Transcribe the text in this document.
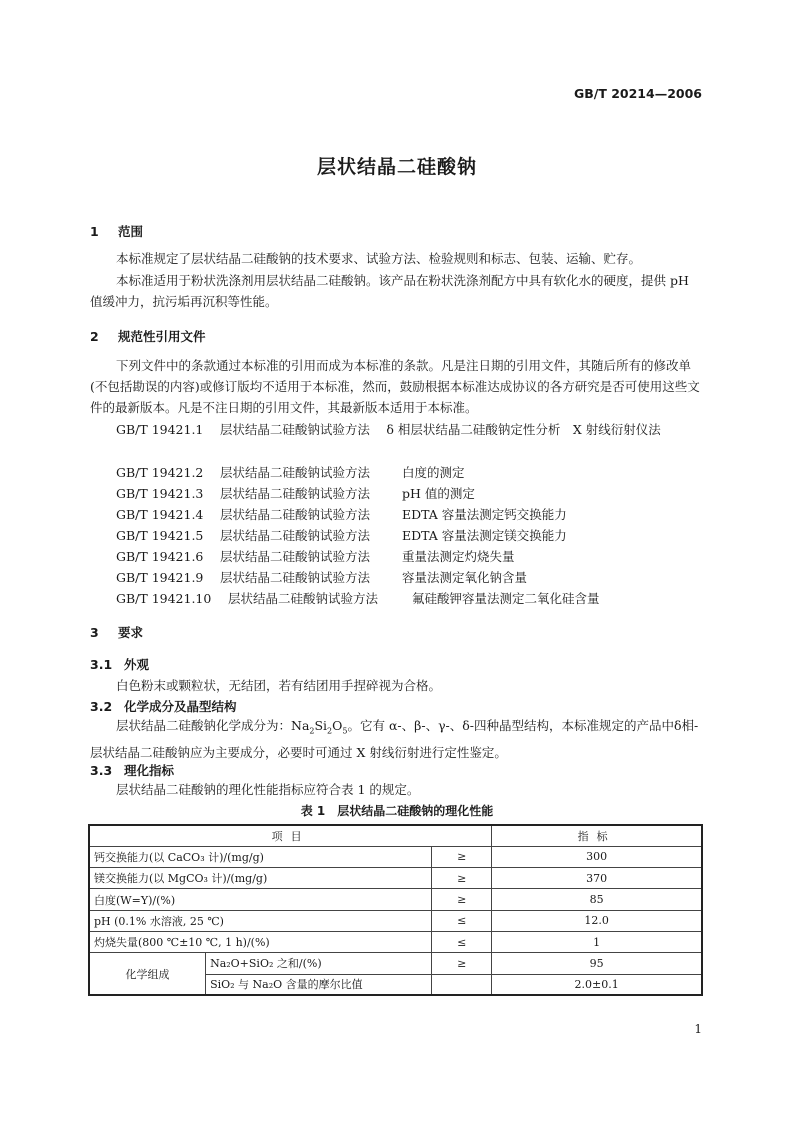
GB/T 20214—2006
层状结晶二硅酸钠
1 范围
本标准规定了层状结晶二硅酸钠的技术要求、试验方法、检验规则和标志、包装、运输、贮存。
本标准适用于粉状洗涤剂用层状结晶二硅酸钠。该产品在粉状洗涤剂配方中具有软化水的硬度，提供 pH 值缓冲力，抗污垢再沉积等性能。
2 规范性引用文件
下列文件中的条款通过本标准的引用而成为本标准的条款。凡是注日期的引用文件，其随后所有的修改单(不包括勘误的内容)或修订版均不适用于本标准，然而，鼓励根据本标准达成协议的各方研究是否可使用这些文件的最新版本。凡是不注日期的引用文件，其最新版本适用于本标准。
GB/T 19421.1　 层状结晶二硅酸钠试验方法　 δ 相层状结晶二硅酸钠定性分析　X 射线衍射仪法
GB/T 19421.2 层状结晶二硅酸钠试验方法	白度的测定
GB/T 19421.3 层状结晶二硅酸钠试验方法	pH 值的测定
GB/T 19421.4 层状结晶二硅酸钠试验方法	EDTA 容量法测定钙交换能力
GB/T 19421.5 层状结晶二硅酸钠试验方法	EDTA 容量法测定镁交换能力
GB/T 19421.6 层状结晶二硅酸钠试验方法	重量法测定灼烧失量
GB/T 19421.9 层状结晶二硅酸钠试验方法	容量法测定氧化钠含量
GB/T 19421.10 层状结晶二硅酸钠试验方法	氟硅酸钾容量法测定二氧化硅含量
3 要求
3.1 外观
白色粉末或颗粒状，无结团，若有结团用手捏碎视为合格。
3.2 化学成分及晶型结构
层状结晶二硅酸钠化学成分为：$Na_2Si_2O_5$。它有 α-、β-、γ-、δ-四种晶型结构，本标准规定的产品中δ相-层状结晶二硅酸钠应为主要成分，必要时可通过 X 射线衍射进行定性鉴定。
3.3 理化指标
层状结晶二硅酸钠的理化性能指标应符合表 1 的规定。
表 1　层状结晶二硅酸钠的理化性能
项目			指标
钙交换能力(以 CaCO₃ 计)/(mg/g)		≥	300
镁交换能力(以 MgCO₃ 计)/(mg/g)		≥	370
白度(W=Y)/(%)		≥	85
pH (0.1% 水溶液, 25 ℃)		≤	12.0
灼烧失量(800 ℃±10 ℃, 1 h)/(%)		≤	1
化学组成	Na₂O+SiO₂ 之和/(%)	≥	95
	SiO₂ 与 Na₂O 含量的摩尔比值		2.0±0.1
1
